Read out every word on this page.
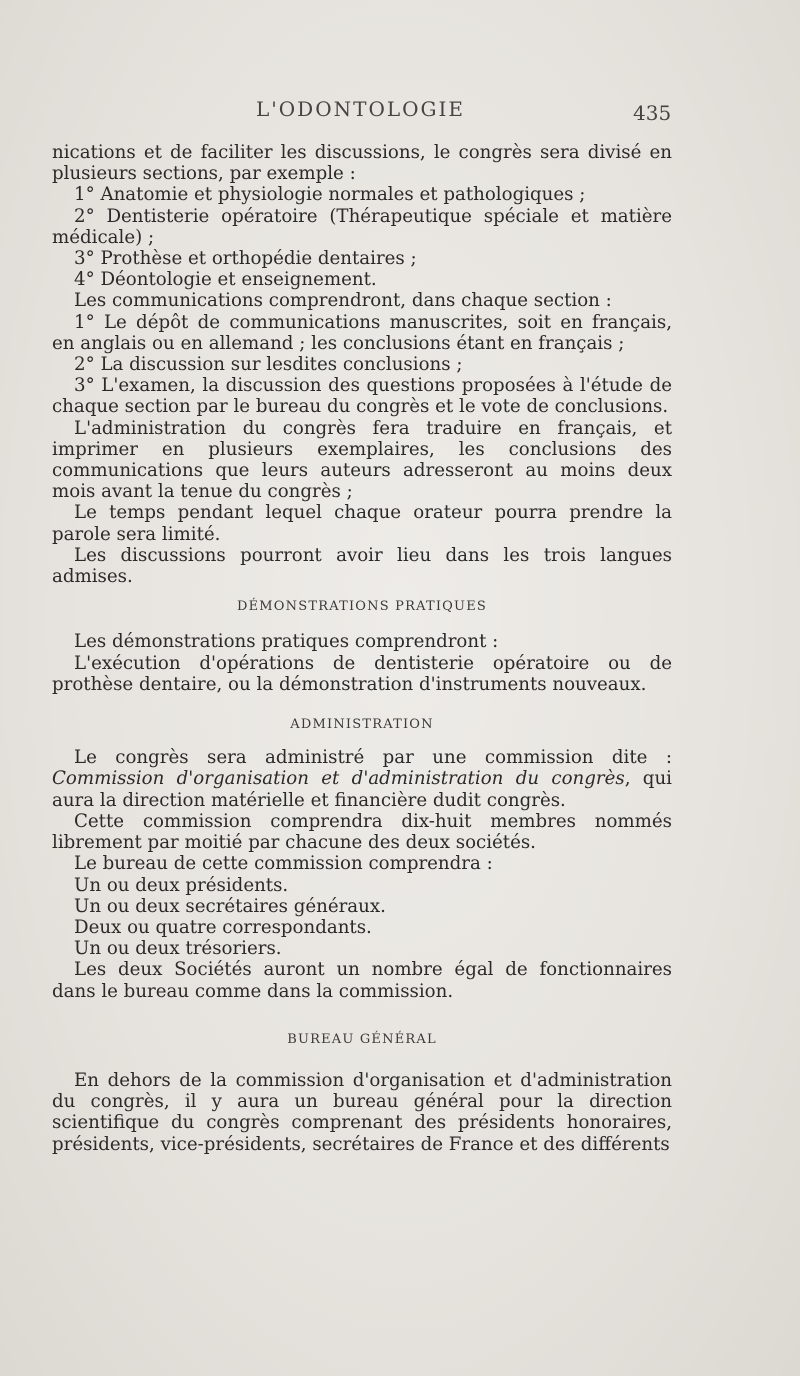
L'ODONTOLOGIE	435

nications et de faciliter les discussions, le congrès sera divisé en plusieurs sections, par exemple :

1° Anatomie et physiologie normales et pathologiques ;

2° Dentisterie opératoire (Thérapeutique spéciale et matière médicale) ;

3° Prothèse et orthopédie dentaires ;

4° Déontologie et enseignement.

Les communications comprendront, dans chaque section :

1° Le dépôt de communications manuscrites, soit en français, en anglais ou en allemand ; les conclusions étant en français ;

2° La discussion sur lesdites conclusions ;

3° L'examen, la discussion des questions proposées à l'étude de chaque section par le bureau du congrès et le vote de conclusions.

L'administration du congrès fera traduire en français, et imprimer en plusieurs exemplaires, les conclusions des communications que leurs auteurs adresseront au moins deux mois avant la tenue du congrès ;

Le temps pendant lequel chaque orateur pourra prendre la parole sera limité.

Les discussions pourront avoir lieu dans les trois langues admises.

DÉMONSTRATIONS PRATIQUES

Les démonstrations pratiques comprendront :

L'exécution d'opérations de dentisterie opératoire ou de prothèse dentaire, ou la démonstration d'instruments nouveaux.

ADMINISTRATION

Le congrès sera administré par une commission dite : Commission d'organisation et d'administration du congrès, qui aura la direction matérielle et financière dudit congrès.

Cette commission comprendra dix-huit membres nommés librement par moitié par chacune des deux sociétés.

Le bureau de cette commission comprendra :

Un ou deux présidents.

Un ou deux secrétaires généraux.

Deux ou quatre correspondants.

Un ou deux trésoriers.

Les deux Sociétés auront un nombre égal de fonctionnaires dans le bureau comme dans la commission.

BUREAU GÉNÉRAL

En dehors de la commission d'organisation et d'administration du congrès, il y aura un bureau général pour la direction scientifique du congrès comprenant des présidents honoraires, présidents, vice-présidents, secrétaires de France et des différents
